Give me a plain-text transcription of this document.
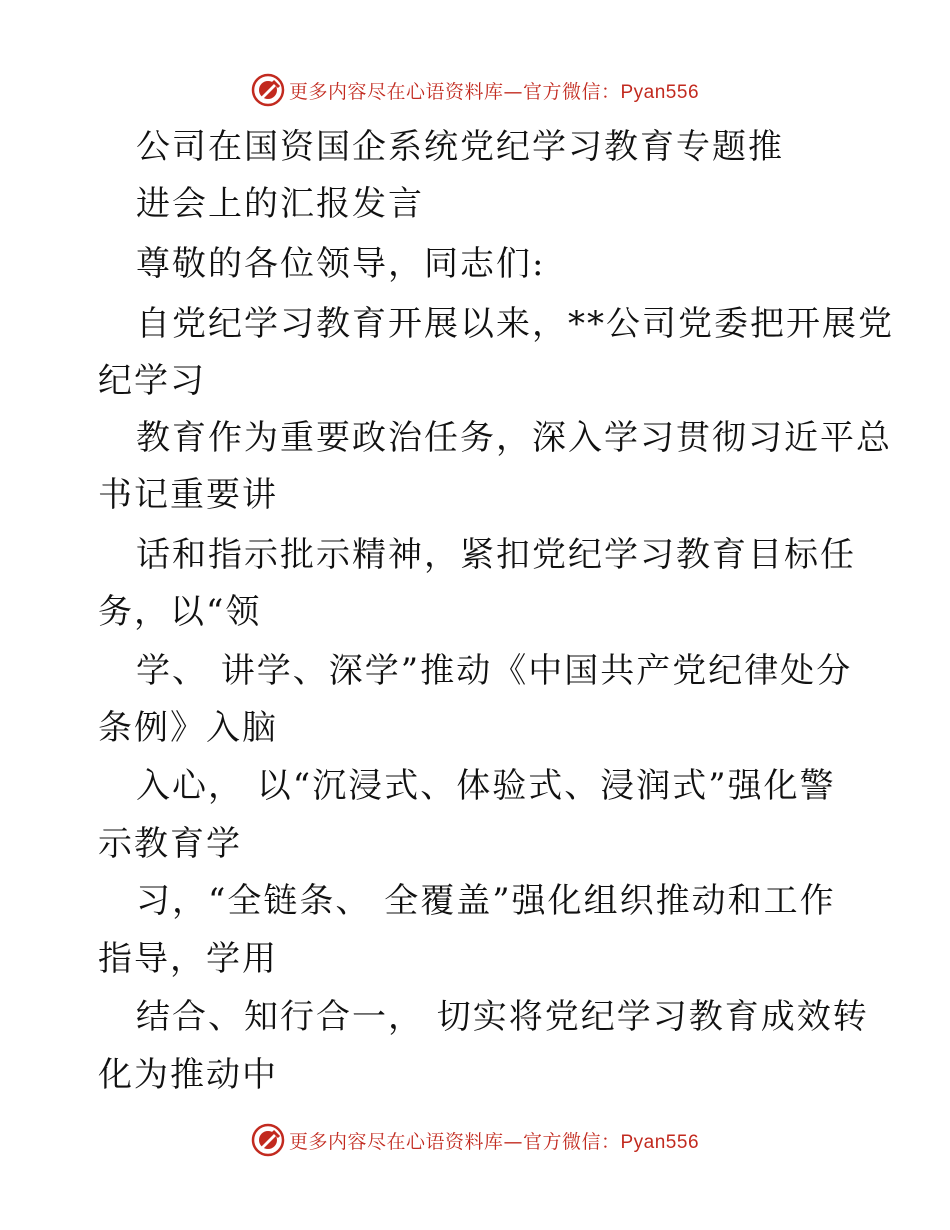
更多内容尽在心语资料库—官方微信：Pyan556
公司在国资国企系统党纪学习教育专题推
进会上的汇报发言
尊敬的各位领导，同志们:
自党纪学习教育开展以来，**公司党委把开展党
纪学习
教育作为重要政治任务，深入学习贯彻习近平总
书记重要讲
话和指示批示精神，紧扣党纪学习教育目标任
务，以“领
学、 讲学、深学”推动《中国共产党纪律处分
条例》入脑
入心， 以“沉浸式、体验式、浸润式”强化警
示教育学
习，“全链条、 全覆盖”强化组织推动和工作
指导，学用
结合、知行合一， 切实将党纪学习教育成效转
化为推动中
更多内容尽在心语资料库—官方微信：Pyan556
